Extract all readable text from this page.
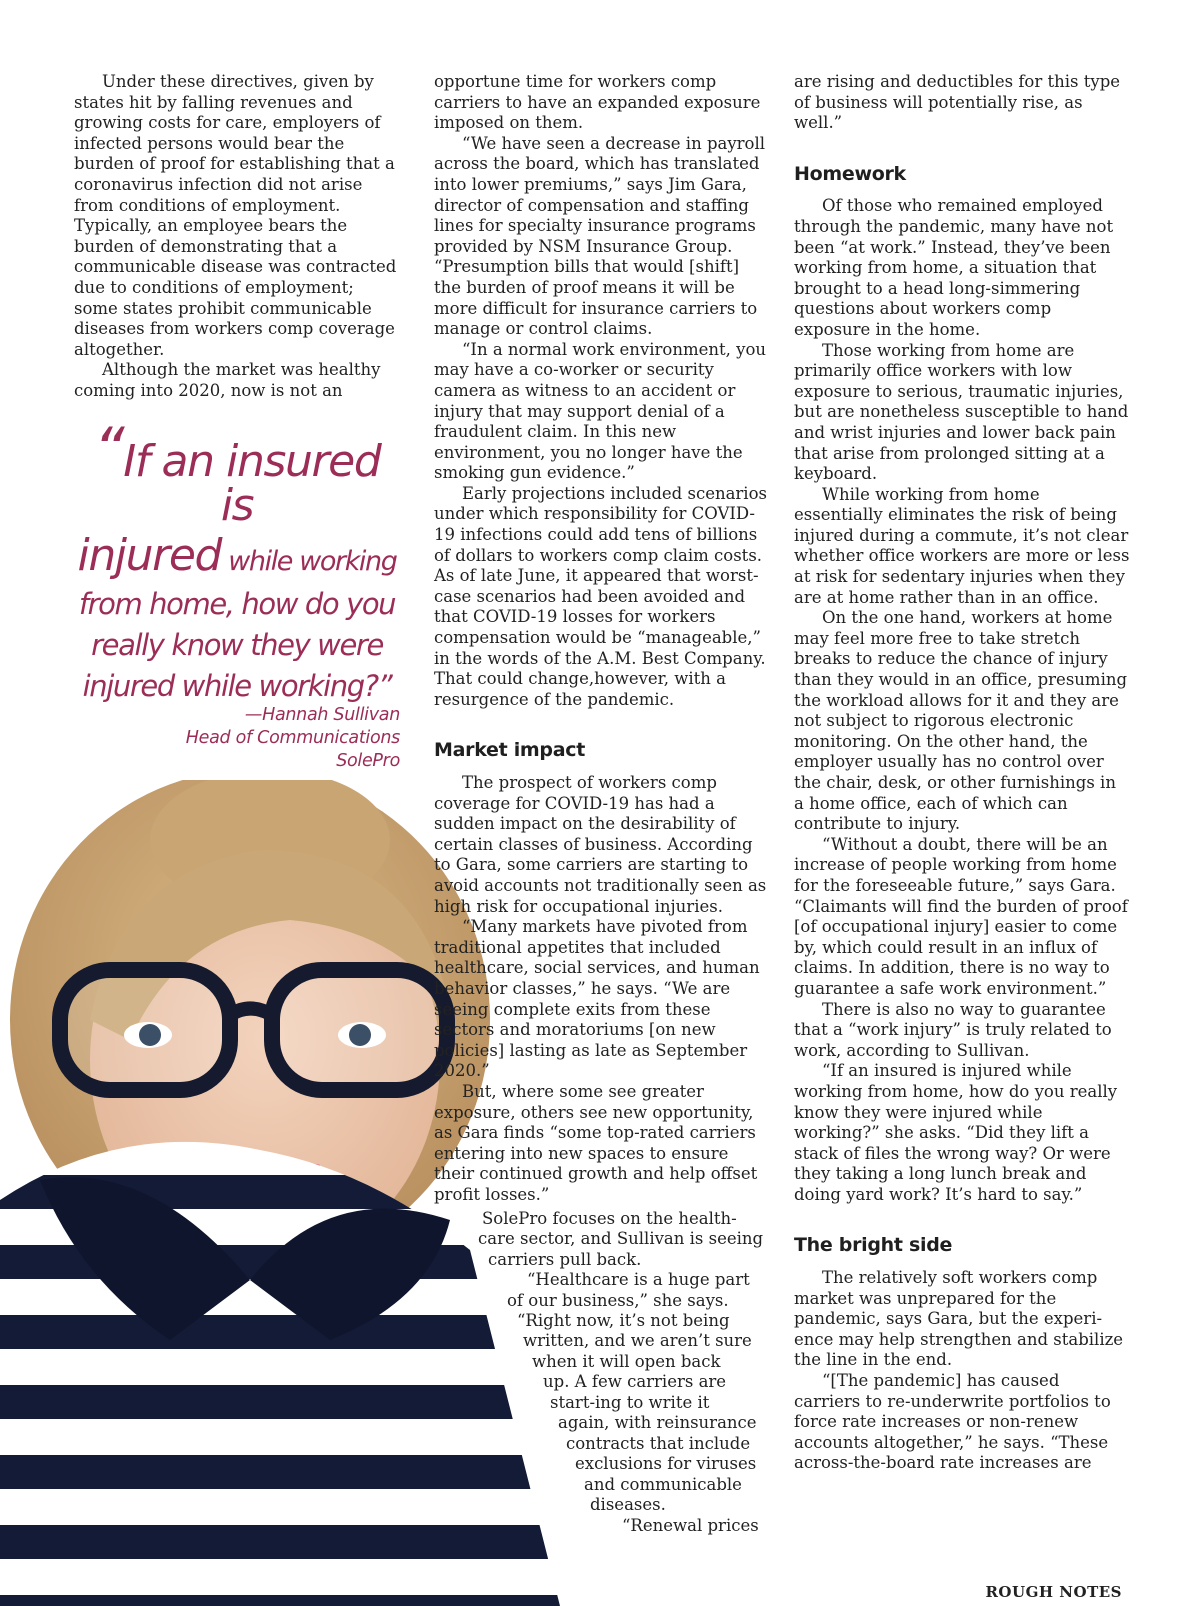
Under these directives, given by states hit by falling revenues and growing costs for care, employers of infected persons would bear the burden of proof for establishing that a coronavirus infection did not arise from conditions of employment. Typically, an employee bears the burden of demonstrating that a communicable disease was contracted due to conditions of employment; some states prohibit communicable diseases from workers comp coverage altogether.

Although the market was healthy coming into 2020, now is not an

“If an insured is
injured while working
from home, how do you
really know they were
injured while working?”
—Hannah Sullivan
Head of Communications
SolePro

opportune time for workers comp carriers to have an expanded exposure imposed on them.

“We have seen a decrease in payroll across the board, which has translated into lower premiums,” says Jim Gara, director of compensation and staffing lines for specialty insurance programs provided by NSM Insurance Group. “Presumption bills that would [shift] the burden of proof means it will be more difficult for insurance carriers to manage or control claims.

“In a normal work environment, you may have a co-worker or security camera as witness to an accident or injury that may support denial of a fraudulent claim. In this new environment, you no longer have the smoking gun evidence.”

Early projections included scenarios under which responsibility for COVID-19 infections could add tens of billions of dollars to workers comp claim costs. As of late June, it appeared that worst-case scenarios had been avoided and that COVID-19 losses for workers compensation would be “manageable,” in the words of the A.M. Best Company. That could change,however, with a resurgence of the pandemic.

Market impact

The prospect of workers comp coverage for COVID-19 has had a sudden impact on the desirability of certain classes of business. According to Gara, some carriers are starting to avoid accounts not traditionally seen as high risk for occupational injuries.

“Many markets have pivoted from traditional appetites that included healthcare, social services, and human behavior classes,” he says. “We are seeing complete exits from these sectors and moratoriums [on new policies] lasting as late as September 2020.”

But, where some see greater exposure, others see new opportunity, as Gara finds “some top-rated carriers entering into new spaces to ensure their continued growth and help offset profit losses.”

SolePro focuses on the health-
care sector, and Sullivan is seeing
carriers pull back.
“Healthcare is a huge part
of our business,” she says.
“Right now, it’s not being
written, and we aren’t sure
when it will open back
up. A few carriers are
start-ing to write it
again, with reinsurance
contracts that include
exclusions for viruses
and communicable
diseases.
“Renewal prices

are rising and deductibles for this type of business will potentially rise, as well.”

Homework

Of those who remained employed through the pandemic, many have not been “at work.” Instead, they’ve been working from home, a situation that brought to a head long-simmering questions about workers comp exposure in the home.

Those working from home are primarily office workers with low exposure to serious, traumatic injuries, but are nonetheless susceptible to hand and wrist injuries and lower back pain that arise from prolonged sitting at a keyboard.

While working from home essentially eliminates the risk of being injured during a commute, it’s not clear whether office workers are more or less at risk for sedentary injuries when they are at home rather than in an office.

On the one hand, workers at home may feel more free to take stretch breaks to reduce the chance of injury than they would in an office, presuming the workload allows for it and they are not subject to rigorous electronic monitoring. On the other hand, the employer usually has no control over the chair, desk, or other furnishings in a home office, each of which can contribute to injury.

“Without a doubt, there will be an increase of people working from home for the foreseeable future,” says Gara. “Claimants will find the burden of proof [of occupational injury] easier to come by, which could result in an influx of claims. In addition, there is no way to guarantee a safe work environment.”

There is also no way to guarantee that a “work injury” is truly related to work, according to Sullivan.

“If an insured is injured while working from home, how do you really know they were injured while working?” she asks. “Did they lift a stack of files the wrong way? Or were they taking a long lunch break and doing yard work? It’s hard to say.”

The bright side

The relatively soft workers comp market was unprepared for the pandemic, says Gara, but the experi-ence may help strengthen and stabilize the line in the end.

“[The pandemic] has caused carriers to re-underwrite portfolios to force rate increases or non-renew accounts altogether,” he says. “These across-the-board rate increases are

ROUGH NOTES
